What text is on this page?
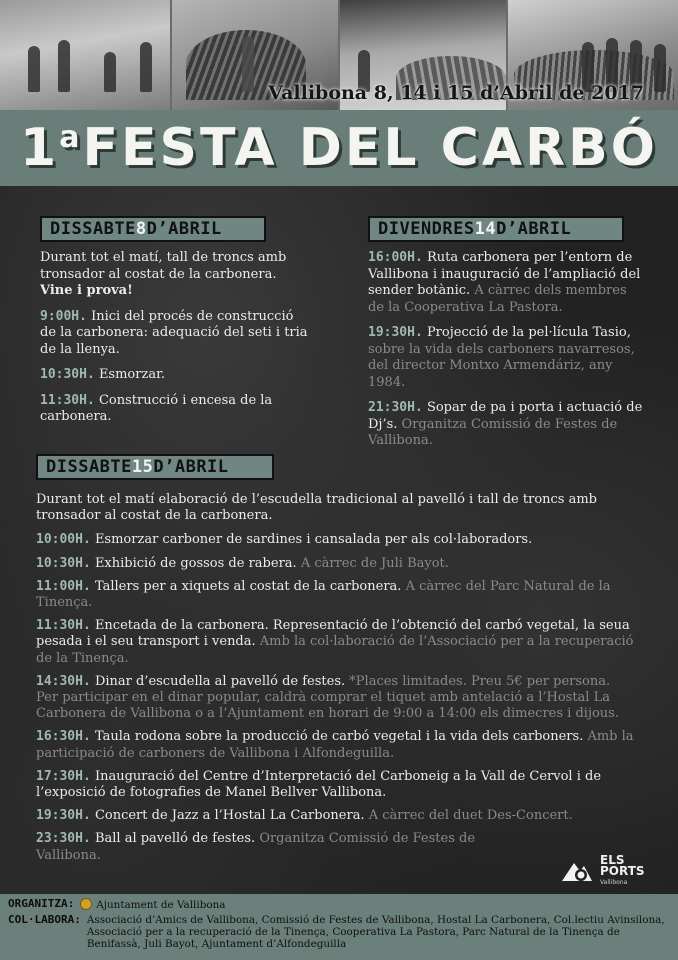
Vallibona 8, 14 i 15 d’Abril de 2017
1$^a$FESTA DEL CARBÓ
DISSABTE 8 D’ABRIL
Durant tot el matí, tall de troncs amb tronsador al costat de la carbonera. Vine i prova!
9:00H. Inici del procés de construcció de la carbonera: adequació del seti i tria de la llenya.
10:30H. Esmorzar.
11:30H. Construcció i encesa de la carbonera.
DIVENDRES 14 D’ABRIL
16:00H. Ruta carbonera per l’entorn de Vallibona i inauguració de l’ampliació del sender botànic. A càrrec dels membres de la Cooperativa La Pastora.
19:30H. Projecció de la pel·lícula Tasio, sobre la vida dels carboners navarresos, del director Montxo Armendáriz, any 1984.
21:30H. Sopar de pa i porta i actuació de Dj’s. Organitza Comissió de Festes de Vallibona.
DISSABTE 15 D’ABRIL
Durant tot el matí elaboració de l’escudella tradicional al pavelló i tall de troncs amb tronsador al costat de la carbonera.
10:00H. Esmorzar carboner de sardines i cansalada per als col·laboradors.
10:30H. Exhibició de gossos de rabera. A càrrec de Juli Bayot.
11:00H. Tallers per a xiquets al costat de la carbonera. A càrrec del Parc Natural de la Tinença.
11:30H. Encetada de la carbonera. Representació de l’obtenció del carbó vegetal, la seua pesada i el seu transport i venda. Amb la col·laboració de l’Associació per a la recuperació de la Tinença.
14:30H. Dinar d’escudella al pavelló de festes. *Places limitades. Preu 5€ per persona. Per participar en el dinar popular, caldrà comprar el tiquet amb antelació a l’Hostal La Carbonera de Vallibona o a l’Ajuntament en horari de 9:00 a 14:00 els dimecres i dijous.
16:30H. Taula rodona sobre la producció de carbó vegetal i la vida dels carboners. Amb la participació de carboners de Vallibona i Alfondeguilla.
17:30H. Inauguració del Centre d’Interpretació del Carboneig a la Vall de Cervol i de l’exposició de fotografies de Manel Bellver Vallibona.
19:30H. Concert de Jazz a l’Hostal La Carbonera. A càrrec del duet Des-Concert.
23:30H. Ball al pavelló de festes. Organitza Comissió de Festes de Vallibona.	ELS
PORTS
Vallibona
ORGANITZA:	Ajuntament de Vallibona
COL·LABORA: Associació d’Amics de Vallibona, Comissió de Festes de Vallibona, Hostal La Carbonera, Col.lectiu Avinsilona, Associació per a la recuperació de la Tinença, Cooperativa La Pastora, Parc Natural de la Tinença de Benifassà, Juli Bayot, Ajuntament d’Alfondeguilla
